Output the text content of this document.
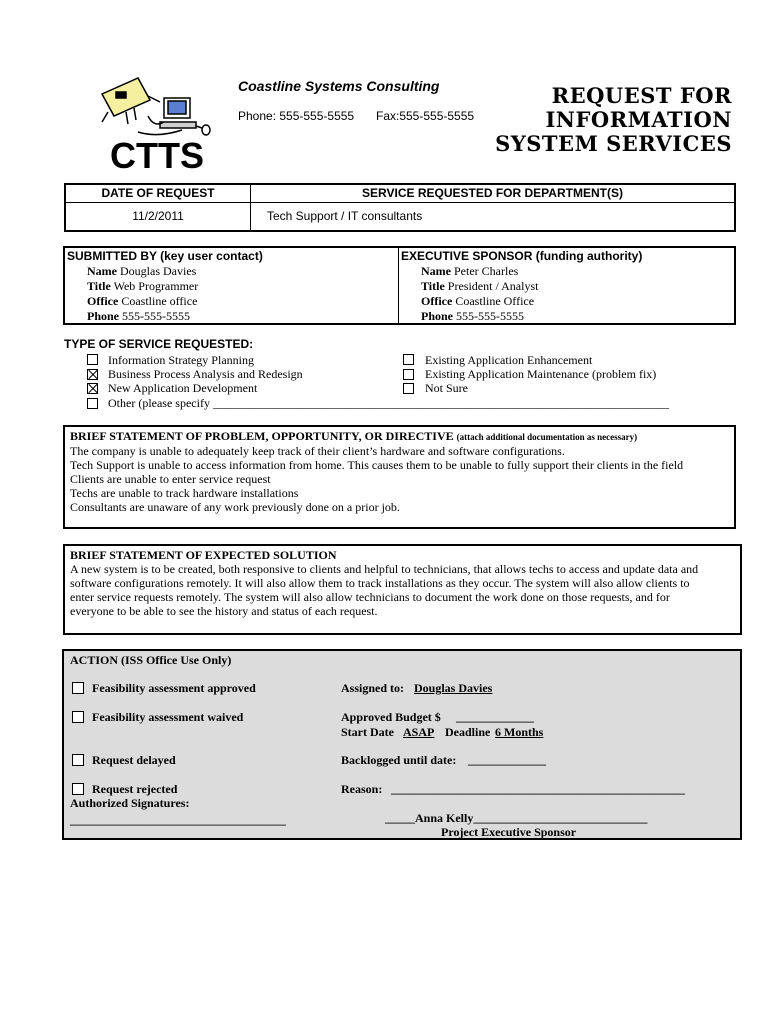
CTTS
Coastline Systems Consulting
Phone: 555-555-5555 Fax:555-555-5555
REQUEST FOR
INFORMATION
SYSTEM SERVICES
DATE OF REQUEST	SERVICE REQUESTED FOR DEPARTMENT(S)
11/2/2011	Tech Support / IT consultants
SUBMITTED BY (key user contact)
Name Douglas Davies
Title Web Programmer
Office Coastline office
Phone 555-555-5555
EXECUTIVE SPONSOR (funding authority)
Name Peter Charles
Title President / Analyst
Office Coastline Office
Phone 555-555-5555
TYPE OF SERVICE REQUESTED:
Information Strategy Planning
Business Process Analysis and Redesign
New Application Development
Other (please specify ____________________________________________________________________________
Existing Application Enhancement
Existing Application Maintenance (problem fix)
Not Sure
BRIEF STATEMENT OF PROBLEM, OPPORTUNITY, OR DIRECTIVE (attach additional documentation as necessary)
The company is unable to adequately keep track of their client’s hardware and software configurations.
Tech Support is unable to access information from home. This causes them to be unable to fully support their clients in the field
Clients are unable to enter service request
Techs are unable to track hardware installations
Consultants are unaware of any work previously done on a prior job.
BRIEF STATEMENT OF EXPECTED SOLUTION
A new system is to be created, both responsive to clients and helpful to technicians, that allows techs to access and update data and
software configurations remotely. It will also allow them to track installations as they occur. The system will also allow clients to
enter service requests remotely. The system will also allow technicians to document the work done on those requests, and for
everyone to be able to see the history and status of each request.
ACTION (ISS Office Use Only)
Feasibility assessment approved	Assigned to: Douglas Davies
Feasibility assessment waived	Approved Budget $ _____________
Start Date ASAP Deadline 6 Months
Request delayed	Backlogged until date: _____________
Request rejected	Reason: _________________________________________________
Authorized Signatures:
____________________________________	_____Anna Kelly_____________________________
Project Executive Sponsor
